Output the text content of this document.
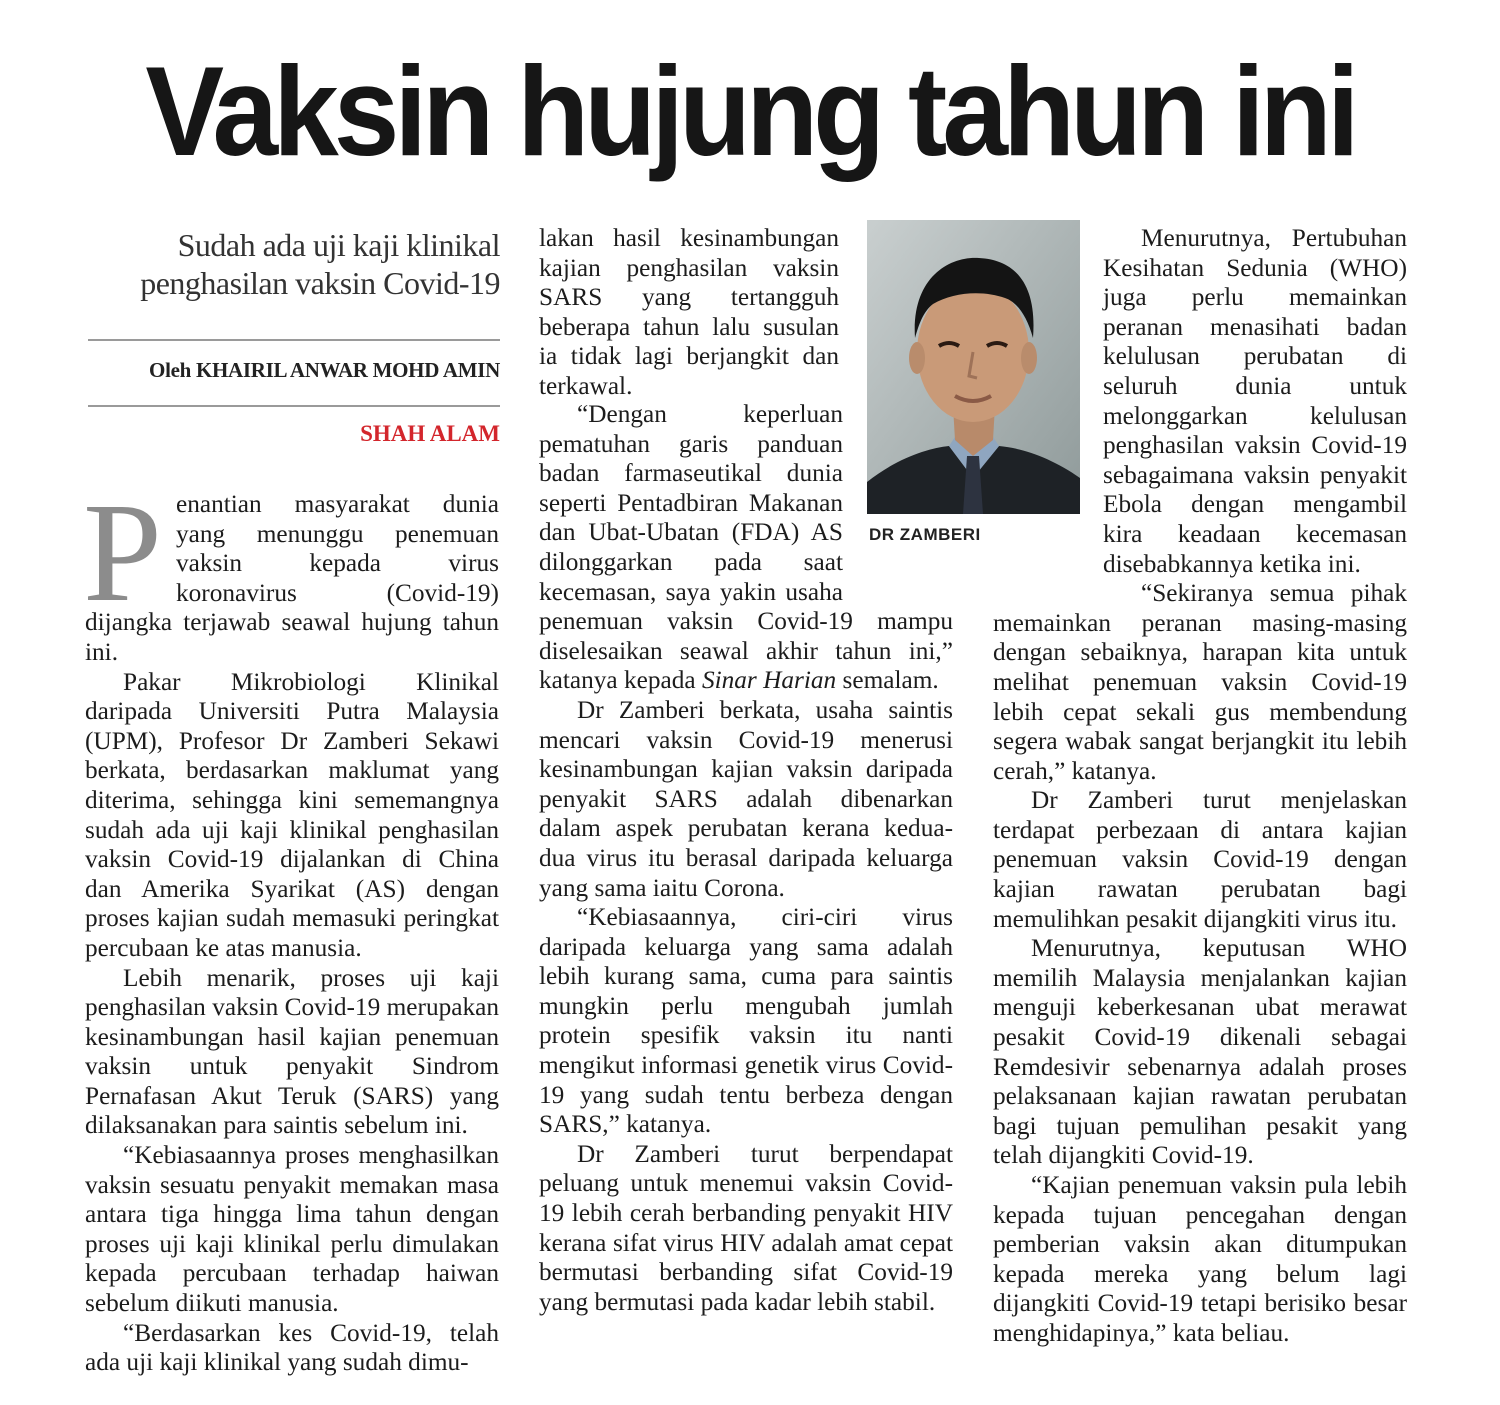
Vaksin hujung tahun ini
Sudah ada uji kaji klinikal penghasilan vaksin Covid-19
Oleh KHAIRIL ANWAR MOHD AMIN
SHAH ALAM

Penantian masyarakat dunia yang menunggu penemuan vaksin kepada virus koronavirus (Covid-19) dijangka terjawab seawal hujung tahun ini.

Pakar Mikrobiologi Klinikal daripada Universiti Putra Malaysia (UPM), Profesor Dr Zamberi Sekawi berkata, berdasarkan maklumat yang diterima, sehingga kini sememangnya sudah ada uji kaji klinikal penghasilan vaksin Covid-19 dijalankan di China dan Amerika Syarikat (AS) dengan proses kajian sudah memasuki peringkat percubaan ke atas manusia.

Lebih menarik, proses uji kaji penghasilan vaksin Covid-19 merupakan kesinambungan hasil kajian penemuan vaksin untuk penyakit Sindrom Pernafasan Akut Teruk (SARS) yang dilaksanakan para saintis sebelum ini.

“Kebiasaannya proses menghasilkan vaksin sesuatu penyakit memakan masa antara tiga hingga lima tahun dengan proses uji kaji klinikal perlu dimulakan kepada percubaan terhadap haiwan sebelum diikuti manusia.

“Berdasarkan kes Covid-19, telah ada uji kaji klinikal yang sudah dimu-

lakan hasil kesinambungan kajian penghasilan vaksin SARS yang tertangguh beberapa tahun lalu susulan ia tidak lagi berjangkit dan terkawal.

“Dengan keperluan pematuhan garis panduan badan farmaseutikal dunia seperti Pentadbiran Makanan dan Ubat-Ubatan (FDA) AS dilonggarkan pada saat kecemasan, saya yakin usaha penemuan vaksin Covid-19 mampu diselesaikan seawal akhir tahun ini,” katanya kepada Sinar Harian semalam.

Dr Zamberi berkata, usaha saintis mencari vaksin Covid-19 menerusi kesinambungan kajian vaksin daripada penyakit SARS adalah dibenarkan dalam aspek perubatan kerana kedua-dua virus itu berasal daripada keluarga yang sama iaitu Corona.

“Kebiasaannya, ciri-ciri virus daripada keluarga yang sama adalah lebih kurang sama, cuma para saintis mungkin perlu mengubah jumlah protein spesifik vaksin itu nanti mengikut informasi genetik virus Covid-19 yang sudah tentu berbeza dengan SARS,” katanya.

Dr Zamberi turut berpendapat peluang untuk menemui vaksin Covid-19 lebih cerah berbanding penyakit HIV kerana sifat virus HIV adalah amat cepat bermutasi berbanding sifat Covid-19 yang bermutasi pada kadar lebih stabil.

DR ZAMBERI

Menurutnya, Pertubuhan Kesihatan Sedunia (WHO) juga perlu memainkan peranan menasihati badan kelulusan perubatan di seluruh dunia untuk melonggarkan kelulusan penghasilan vaksin Covid-19 sebagaimana vaksin penyakit Ebola dengan mengambil kira keadaan kecemasan disebabkannya ketika ini.

“Sekiranya semua pihak memainkan peranan masing-masing dengan sebaiknya, harapan kita untuk melihat penemuan vaksin Covid-19 lebih cepat sekali gus membendung segera wabak sangat berjangkit itu lebih cerah,” katanya.

Dr Zamberi turut menjelaskan terdapat perbezaan di antara kajian penemuan vaksin Covid-19 dengan kajian rawatan perubatan bagi memulihkan pesakit dijangkiti virus itu.

Menurutnya, keputusan WHO memilih Malaysia menjalankan kajian menguji keberkesanan ubat merawat pesakit Covid-19 dikenali sebagai Remdesivir sebenarnya adalah proses pelaksanaan kajian rawatan perubatan bagi tujuan pemulihan pesakit yang telah dijangkiti Covid-19.

“Kajian penemuan vaksin pula lebih kepada tujuan pencegahan dengan pemberian vaksin akan ditumpukan kepada mereka yang belum lagi dijangkiti Covid-19 tetapi berisiko besar menghidapinya,” kata beliau.
